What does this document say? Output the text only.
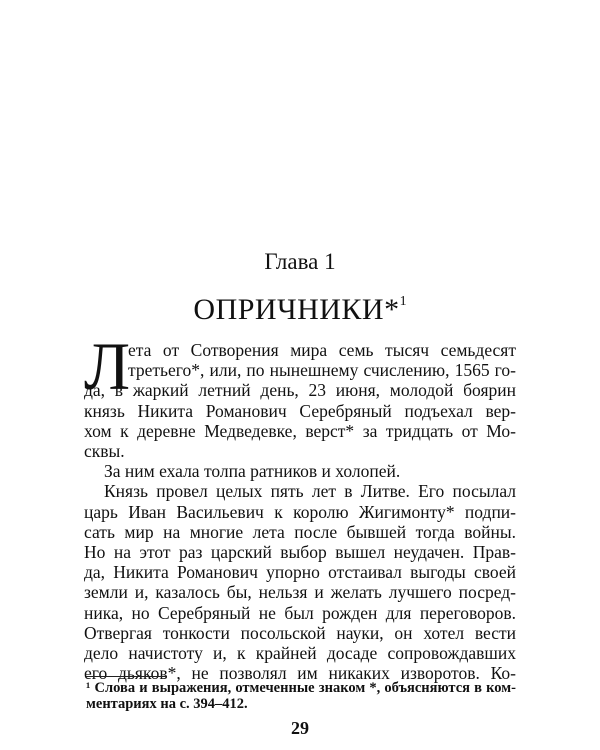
Глава 1
ОПРИЧНИКИ*$^1$
Л
ета от Сотворения мира семь тысяч семьдесят
третьего*, или, по нынешнему счислению, 1565 го-
да, в жаркий летний день, 23 июня, молодой боярин
князь Никита Романович Серебряный подъехал вер-
хом к деревне Медведевке, верст* за тридцать от Мо-
сквы.
За ним ехала толпа ратников и холопей.
Князь провел целых пять лет в Литве. Его посылал
царь Иван Васильевич к королю Жигимонту* подпи-
сать мир на многие лета после бывшей тогда войны.
Но на этот раз царский выбор вышел неудачен. Прав-
да, Никита Романович упорно отстаивал выгоды своей
земли и, казалось бы, нельзя и желать лучшего посред-
ника, но Серебряный не был рожден для переговоров.
Отвергая тонкости посольской науки, он хотел вести
дело начистоту и, к крайней досаде сопровождавших
его дьяков*, не позволял им никаких изворотов. Ко-
¹ Слова и выражения, отмеченные знаком *, объясняются в ком-
ментариях на с. 394–412.
29
